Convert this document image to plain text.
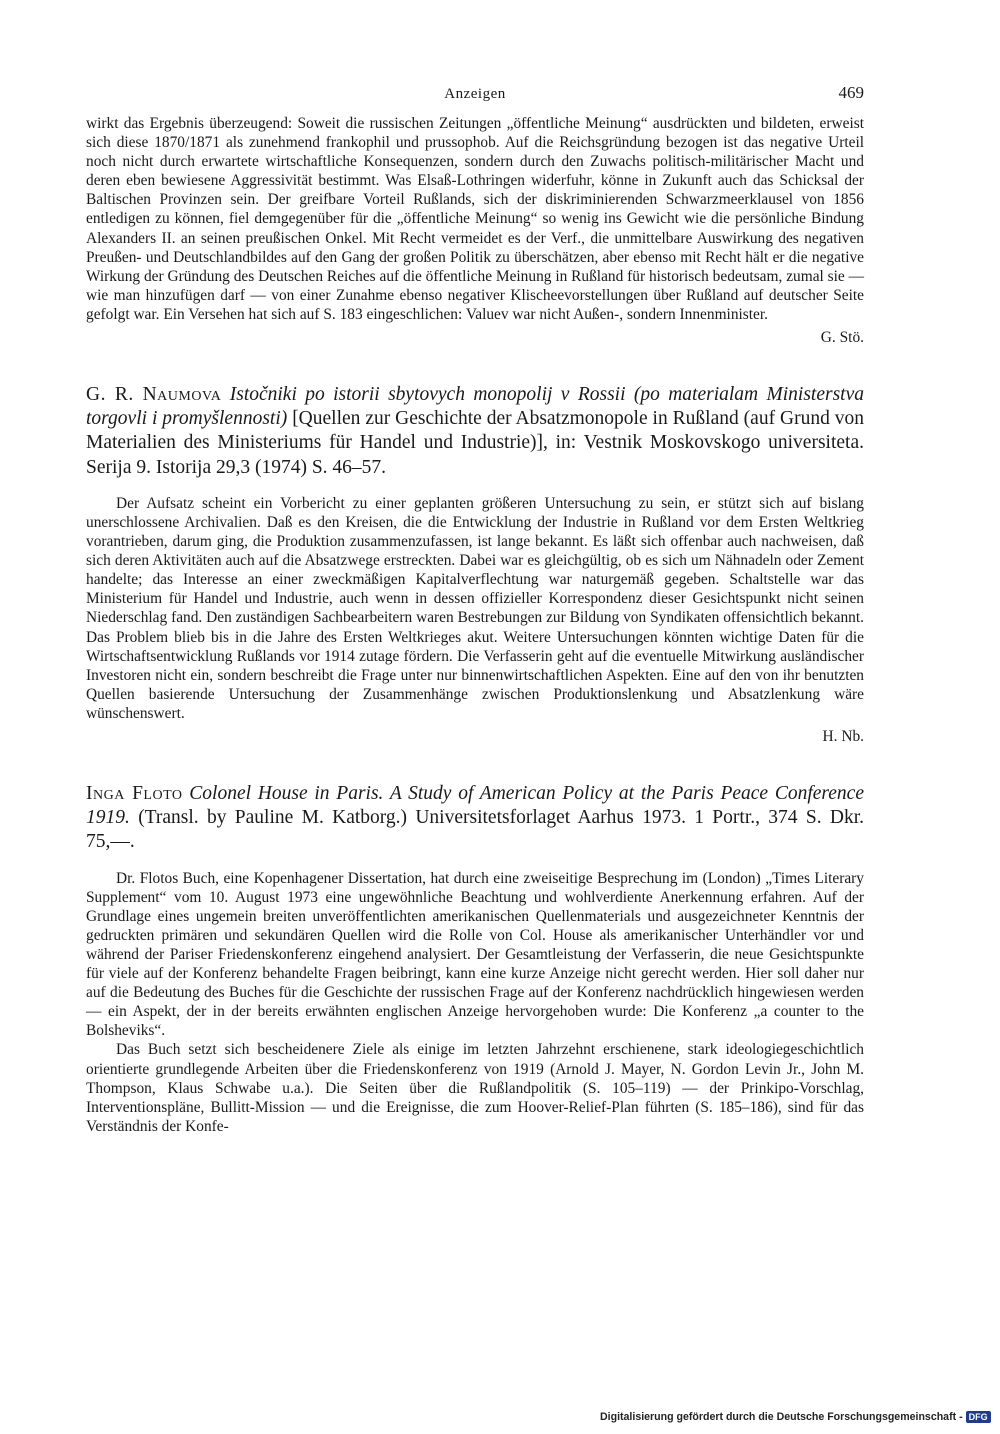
Anzeigen	469

wirkt das Ergebnis überzeugend: Soweit die russischen Zeitungen „öffentliche Meinung“ ausdrückten und bildeten, erweist sich diese 1870/1871 als zunehmend frankophil und prussophob. Auf die Reichsgründung bezogen ist das negative Urteil noch nicht durch erwartete wirtschaftliche Konsequenzen, sondern durch den Zuwachs politisch-militärischer Macht und deren eben bewiesene Aggressivität bestimmt. Was Elsaß-Lothringen widerfuhr, könne in Zukunft auch das Schicksal der Baltischen Provinzen sein. Der greifbare Vorteil Rußlands, sich der diskriminierenden Schwarzmeerklausel von 1856 entledigen zu können, fiel demgegenüber für die „öffentliche Meinung“ so wenig ins Gewicht wie die persönliche Bindung Alexanders II. an seinen preußischen Onkel. Mit Recht vermeidet es der Verf., die unmittelbare Auswirkung des negativen Preußen- und Deutschlandbildes auf den Gang der großen Politik zu überschätzen, aber ebenso mit Recht hält er die negative Wirkung der Gründung des Deutschen Reiches auf die öffentliche Meinung in Rußland für historisch bedeutsam, zumal sie — wie man hinzufügen darf — von einer Zunahme ebenso negativer Klischeevorstellungen über Rußland auf deutscher Seite gefolgt war. Ein Versehen hat sich auf S. 183 eingeschlichen: Valuev war nicht Außen-, sondern Innenminister.

G. Stö.

G. R. Naumova Istočniki po istorii sbytovych monopolij v Rossii (po materialam Ministerstva torgovli i promyšlennosti) [Quellen zur Geschichte der Absatzmonopole in Rußland (auf Grund von Materialien des Ministeriums für Handel und Industrie)], in: Vestnik Moskovskogo universiteta. Serija 9. Istorija 29,3 (1974) S. 46–57.

Der Aufsatz scheint ein Vorbericht zu einer geplanten größeren Untersuchung zu sein, er stützt sich auf bislang unerschlossene Archivalien. Daß es den Kreisen, die die Entwicklung der Industrie in Rußland vor dem Ersten Weltkrieg vorantrieben, darum ging, die Produktion zusammenzufassen, ist lange bekannt. Es läßt sich offenbar auch nachweisen, daß sich deren Aktivitäten auch auf die Absatzwege erstreckten. Dabei war es gleichgültig, ob es sich um Nähnadeln oder Zement handelte; das Interesse an einer zweckmäßigen Kapitalverflechtung war naturgemäß gegeben. Schaltstelle war das Ministerium für Handel und Industrie, auch wenn in dessen offizieller Korrespondenz dieser Gesichtspunkt nicht seinen Niederschlag fand. Den zuständigen Sachbearbeitern waren Bestrebungen zur Bildung von Syndikaten offensichtlich bekannt. Das Problem blieb bis in die Jahre des Ersten Weltkrieges akut. Weitere Untersuchungen könnten wichtige Daten für die Wirtschaftsentwicklung Rußlands vor 1914 zutage fördern. Die Verfasserin geht auf die eventuelle Mitwirkung ausländischer Investoren nicht ein, sondern beschreibt die Frage unter nur binnenwirtschaftlichen Aspekten. Eine auf den von ihr benutzten Quellen basierende Untersuchung der Zusammenhänge zwischen Produktionslenkung und Absatzlenkung wäre wünschenswert.

H. Nb.

Inga Floto Colonel House in Paris. A Study of American Policy at the Paris Peace Conference 1919. (Transl. by Pauline M. Katborg.) Universitetsforlaget Aarhus 1973. 1 Portr., 374 S. Dkr. 75,––.

Dr. Flotos Buch, eine Kopenhagener Dissertation, hat durch eine zweiseitige Besprechung im (London) „Times Literary Supplement“ vom 10. August 1973 eine ungewöhnliche Beachtung und wohlverdiente Anerkennung erfahren. Auf der Grundlage eines ungemein breiten unveröffentlichten amerikanischen Quellenmaterials und ausgezeichneter Kenntnis der gedruckten primären und sekundären Quellen wird die Rolle von Col. House als amerikanischer Unterhändler vor und während der Pariser Friedenskonferenz eingehend analysiert. Der Gesamtleistung der Verfasserin, die neue Gesichtspunkte für viele auf der Konferenz behandelte Fragen beibringt, kann eine kurze Anzeige nicht gerecht werden. Hier soll daher nur auf die Bedeutung des Buches für die Geschichte der russischen Frage auf der Konferenz nachdrücklich hingewiesen werden — ein Aspekt, der in der bereits erwähnten englischen Anzeige hervorgehoben wurde: Die Konferenz „a counter to the Bolsheviks“.

Das Buch setzt sich bescheidenere Ziele als einige im letzten Jahrzehnt erschienene, stark ideologiegeschichtlich orientierte grundlegende Arbeiten über die Friedenskonferenz von 1919 (Arnold J. Mayer, N. Gordon Levin Jr., John M. Thompson, Klaus Schwabe u.a.). Die Seiten über die Rußlandpolitik (S. 105–119) — der Prinkipo-Vorschlag, Interventionspläne, Bullitt-Mission — und die Ereignisse, die zum Hoover-Relief-Plan führten (S. 185–186), sind für das Verständnis der Konfe-

Digitalisierung gefördert durch die Deutsche Forschungsgemeinschaft - DFG
